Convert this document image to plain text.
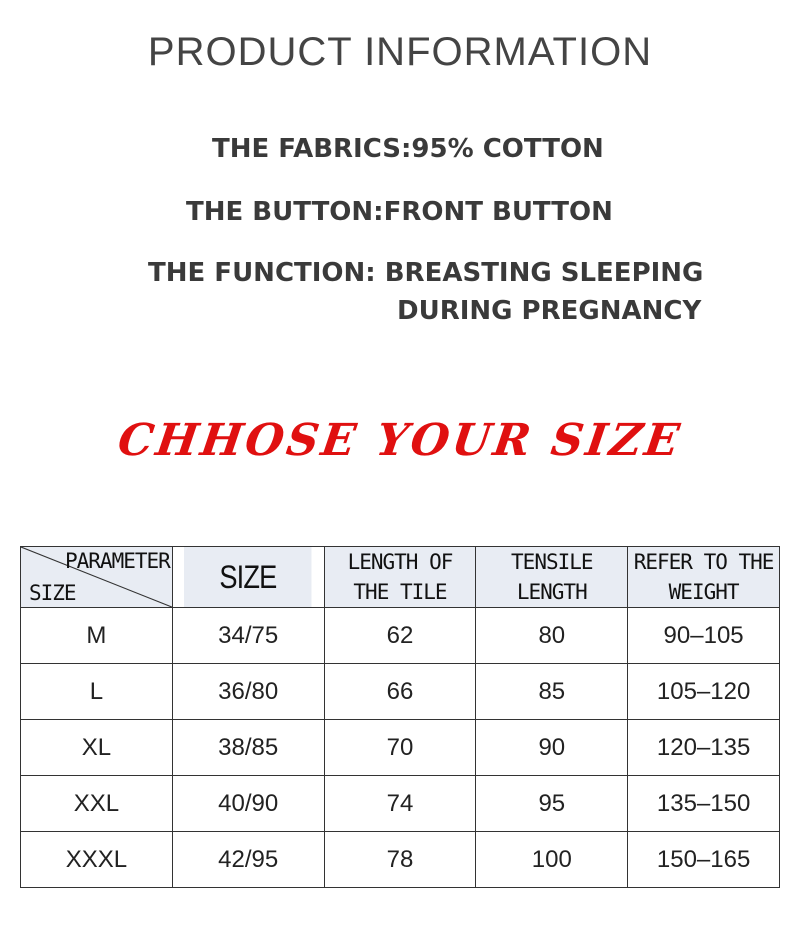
PRODUCT INFORMATION
THE FABRICS:95% COTTON
THE BUTTON:FRONT BUTTON
THE FUNCTION: BREASTING SLEEPING
DURING PREGNANCY
CHHOSE YOUR SIZE
PARAMETER
SIZE	SIZE	LENGTH OF THE TILE	TENSILE LENGTH	REFER TO THE WEIGHT
M	34/75	62	80	90–105
L	36/80	66	85	105–120
XL	38/85	70	90	120–135
XXL	40/90	74	95	135–150
XXXL	42/95	78	100	150–165
